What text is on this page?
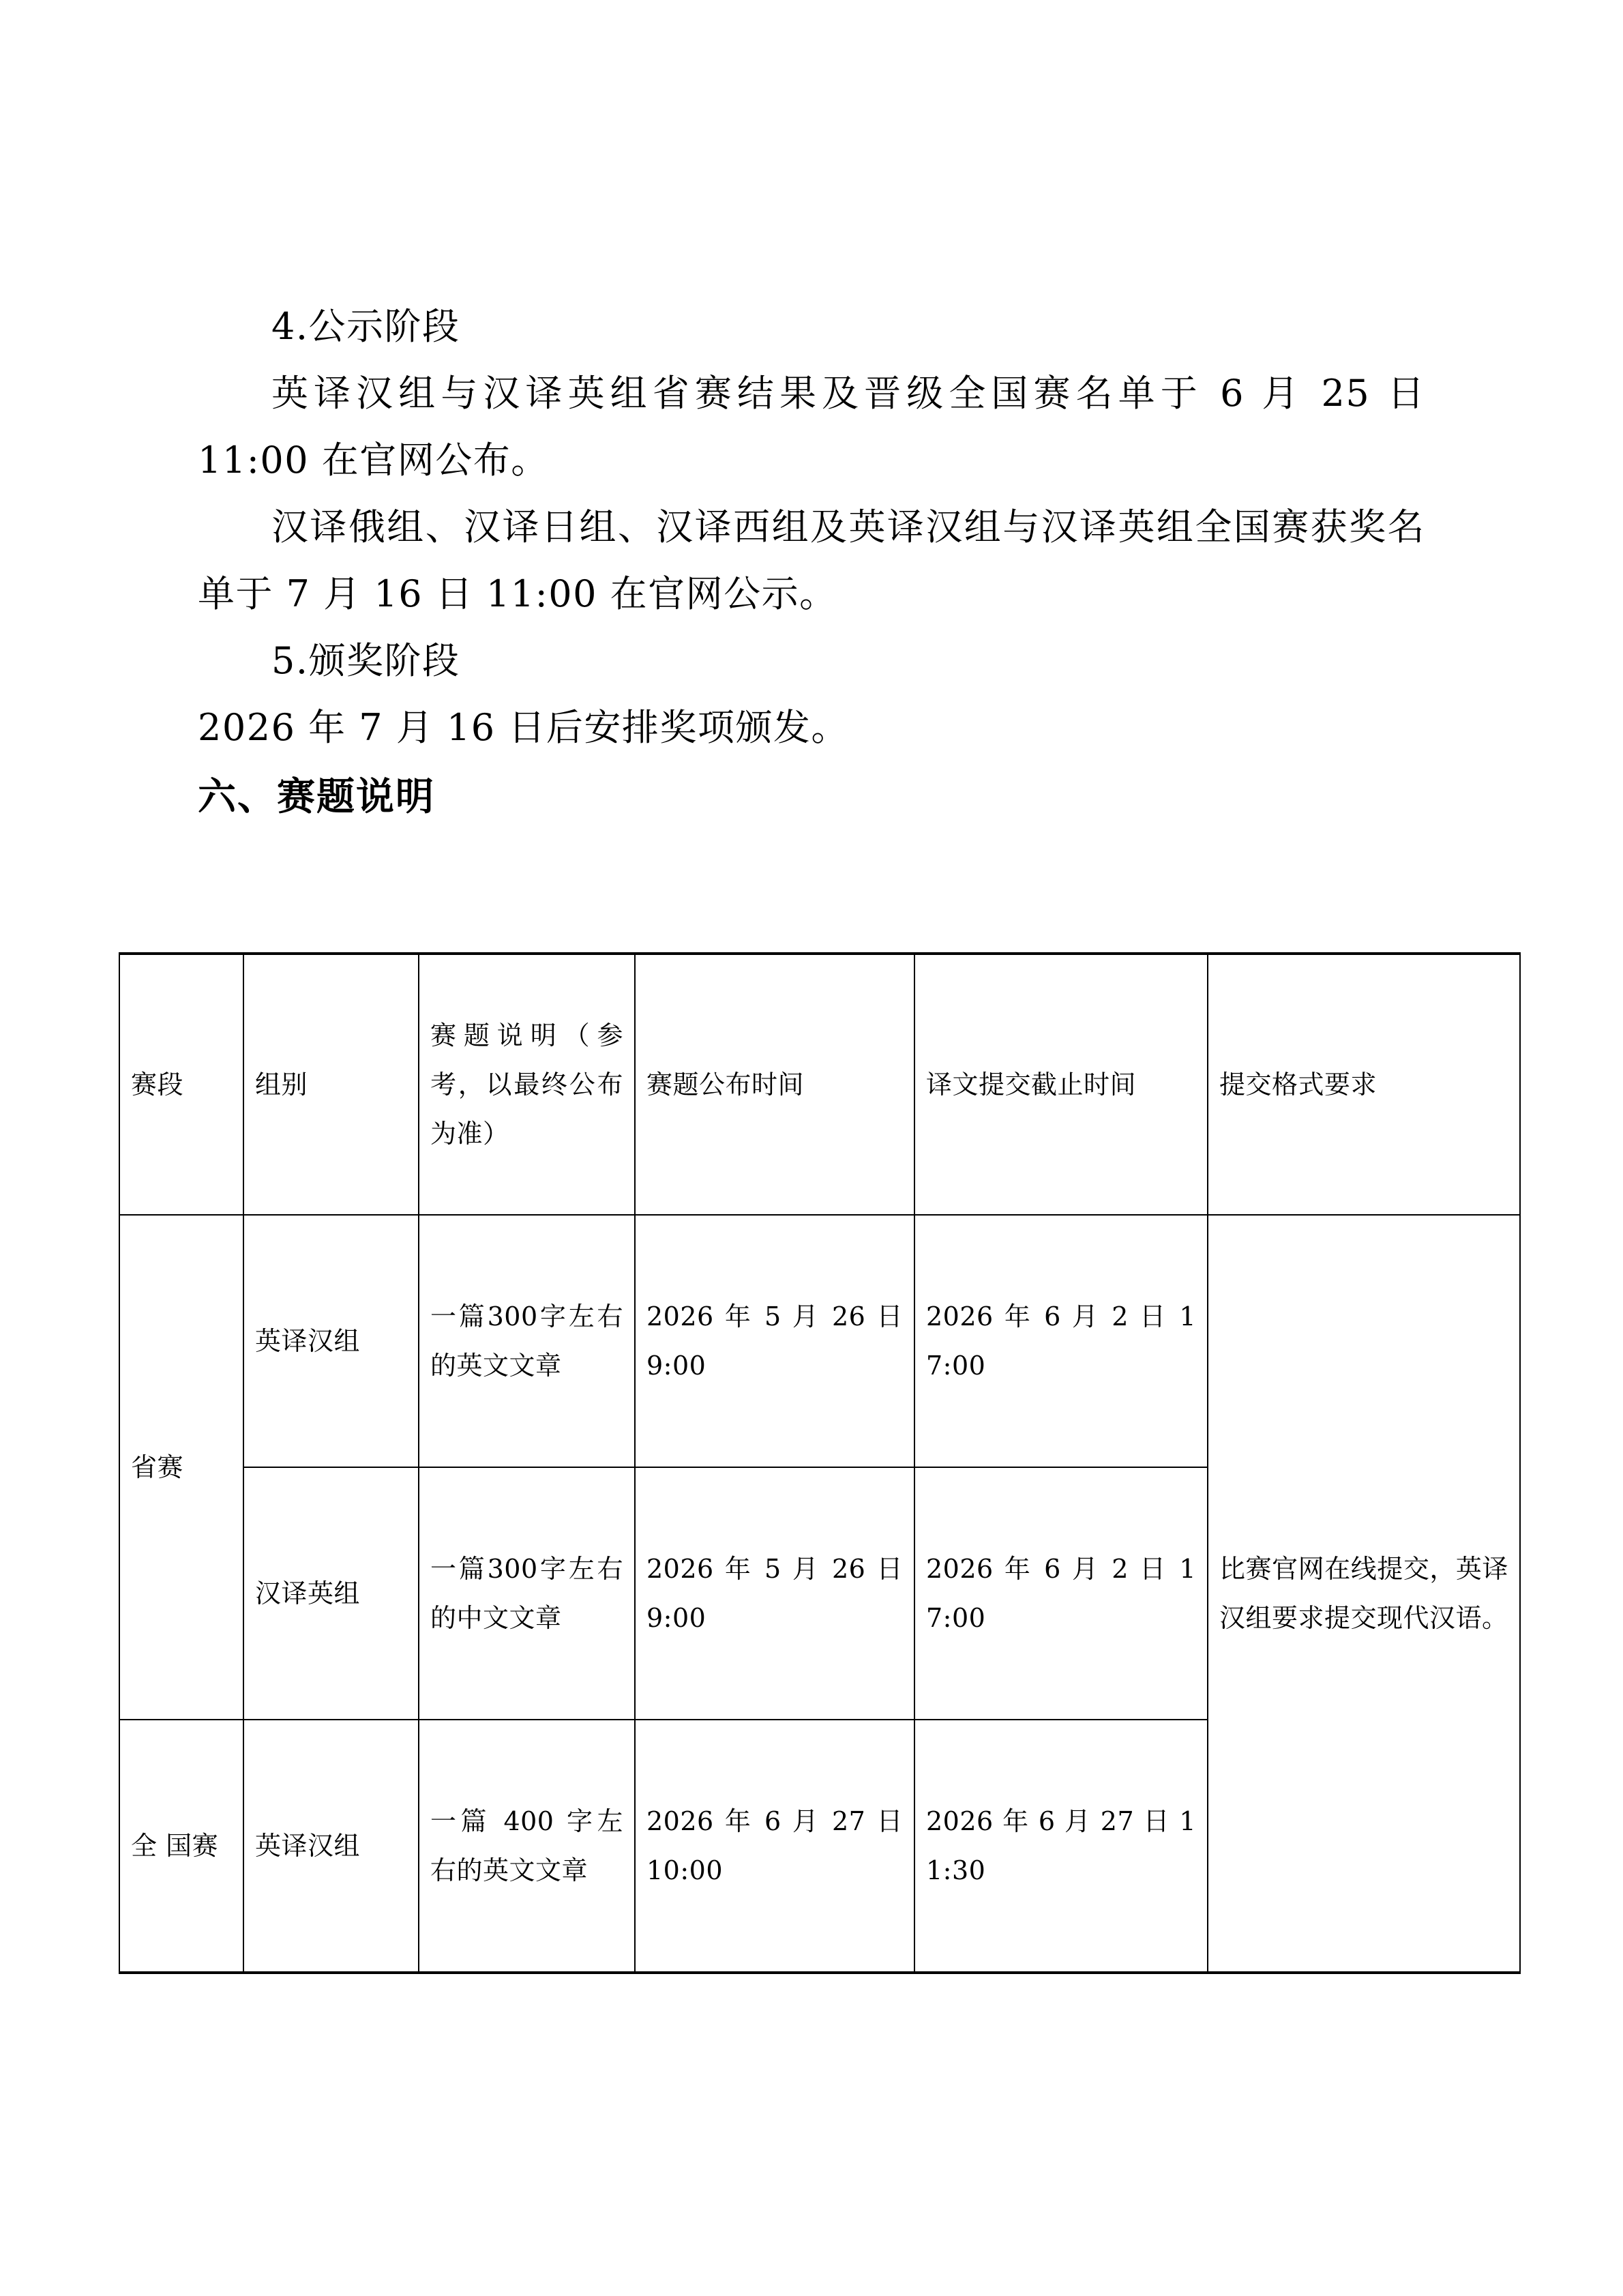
4.公示阶段

英译汉组与汉译英组省赛结果及晋级全国赛名单于 6 月 25 日 11:00 在官网公布。

汉译俄组、汉译日组、汉译西组及英译汉组与汉译英组全国赛获奖名单于 7 月 16 日 11:00 在官网公示。

5.颁奖阶段

2026 年 7 月 16 日后安排奖项颁发。

六、赛题说明

赛段	组别	赛题说明（参考，以最终公布为准）	赛题公布时间	译文提交截止时间	提交格式要求
省赛	英译汉组	一篇300字左右的英文文章	2026 年 5 月 26 日 9:00	2026 年 6 月 2 日 17:00	比赛官网在线提交，英译汉组要求提交现代汉语。
	汉译英组	一篇300字左右的中文文章	2026 年 5 月 26 日 9:00	2026 年 6 月 2 日 17:00	
全 国赛	英译汉组	一篇 400 字左右的英文文章	2026 年 6 月 27 日 10:00	2026 年 6 月 27 日 11:30	
